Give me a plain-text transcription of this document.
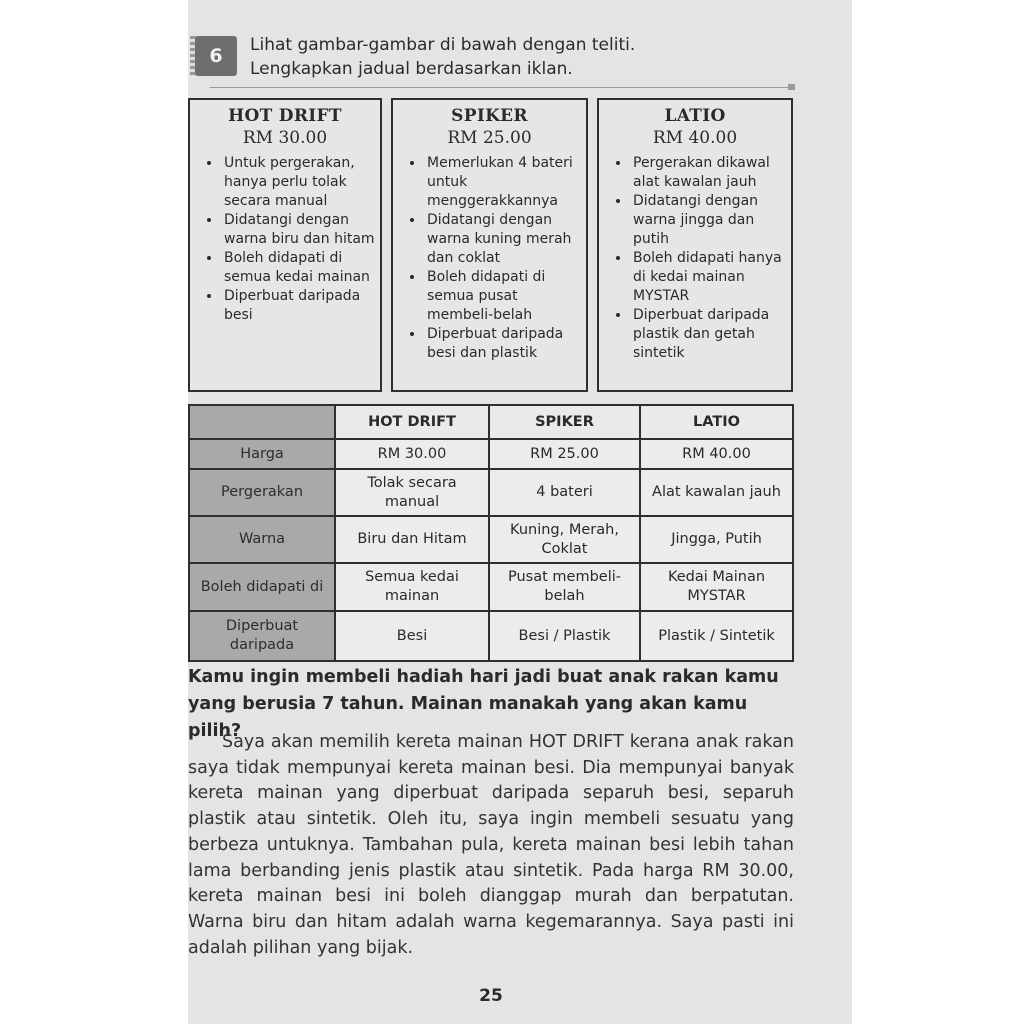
6	Lihat gambar-gambar di bawah dengan teliti.
Lengkapkan jadual berdasarkan iklan.
HOT DRIFT
RM 30.00
• Untuk pergerakan, hanya perlu tolak secara manual
• Didatangi dengan warna biru dan hitam
• Boleh didapati di semua kedai mainan
• Diperbuat daripada besi
SPIKER
RM 25.00
• Memerlukan 4 bateri untuk menggerakkannya
• Didatangi dengan warna kuning merah dan coklat
• Boleh didapati di semua pusat membeli-belah
• Diperbuat daripada besi dan plastik
LATIO
RM 40.00
• Pergerakan dikawal alat kawalan jauh
• Didatangi dengan warna jingga dan putih
• Boleh didapati hanya di kedai mainan MYSTAR
• Diperbuat daripada plastik dan getah sintetik
	HOT DRIFT	SPIKER	LATIO
Harga	RM 30.00	RM 25.00	RM 40.00
Pergerakan	Tolak secara manual	4 bateri	Alat kawalan jauh
Warna	Biru dan Hitam	Kuning, Merah, Coklat	Jingga, Putih
Boleh didapati di	Semua kedai mainan	Pusat membeli-belah	Kedai Mainan MYSTAR
Diperbuat daripada	Besi	Besi / Plastik	Plastik / Sintetik
Kamu ingin membeli hadiah hari jadi buat anak rakan kamu yang berusia 7 tahun. Mainan manakah yang akan kamu pilih?
Saya akan memilih kereta mainan HOT DRIFT kerana anak rakan saya tidak mempunyai kereta mainan besi. Dia mempunyai banyak kereta mainan yang diperbuat daripada separuh besi, separuh plastik atau sintetik. Oleh itu, saya ingin membeli sesuatu yang berbeza untuknya. Tambahan pula, kereta mainan besi lebih tahan lama berbanding jenis plastik atau sintetik. Pada harga RM 30.00, kereta mainan besi ini boleh dianggap murah dan berpatutan. Warna biru dan hitam adalah warna kegemarannya. Saya pasti ini adalah pilihan yang bijak.
25
